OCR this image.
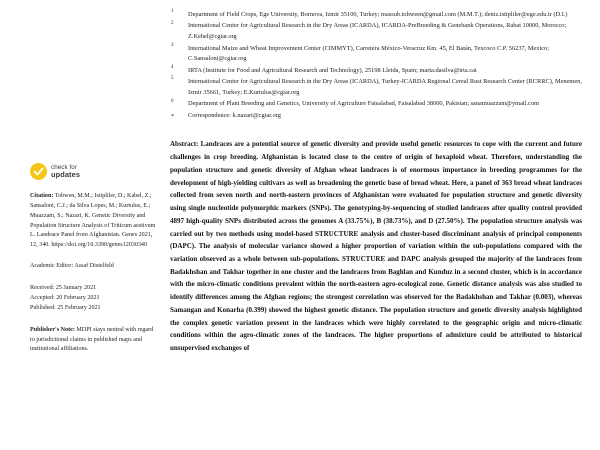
check for
updates
Citation: Tobwen, M.M.; Istipliler, D.; Kabel, Z.; Sansaloni, C.J.; da Silva Lopes, M.; Kurtulus, E.; Muazzam, S.; Nazari, K. Genetic Diversity and Population Structure Analysis of Triticum aestivum L. Landrace Panel from Afghanistan. Genes 2021, 12, 340. https://doi.org/10.3390/genes12030340
Academic Editor: Assaf Distelfeld
Received: 25 January 2021
Accepted: 20 February 2021
Published: 25 February 2021
Publisher's Note: MDPI stays neutral with regard to jurisdictional claims in published maps and institutional affiliations.
1 Department of Field Crops, Ege University, Bornova, Izmir 35100, Turkey; massub.tohween@gmail.com (M.M.T.); deniz.istipliler@ege.edu.tr (D.I.)
2 International Center for Agricultural Research in the Dry Areas (ICARDA), ICARDA-PreBreeding & Genebank Operations, Rabat 10000, Morocco; Z.Kehel@cgiar.org
3 International Maize and Wheat Improvement Center (CIMMYT), Carretera México-Veracruz Km. 45, El Batán, Texcoco C.P. 56237, Mexico; C.Sansaloni@cgiar.org
4 IRTA (Institute for Food and Agricultural Research and Technology), 25198 Lleida, Spain; marta.dasilva@irta.cat
5 International Center for Agricultural Research in the Dry Areas (ICARDA), Turkey-ICARDA Regional Cereal Rust Research Center (RCRRC), Menemen, Izmir 35661, Turkey; E.Kurtulus@cgiar.org
6 Department of Plant Breeding and Genetics, University of Agriculture Faisalabad, Faisalabad 38000, Pakistan; sanamuazzam@ymail.com
* Correspondence: k.nazari@cgiar.org
Abstract: Landraces are a potential source of genetic diversity and provide useful genetic resources to cope with the current and future challenges in crop breeding. Afghanistan is located close to the centre of origin of hexaploid wheat. Therefore, understanding the population structure and genetic diversity of Afghan wheat landraces is of enormous importance in breeding programmes for the development of high-yielding cultivars as well as broadening the genetic base of bread wheat. Here, a panel of 363 bread wheat landraces collected from seven north and north-eastern provinces of Afghanistan were evaluated for population structure and genetic diversity using single nucleotide polymorphic markers (SNPs). The genotyping-by-sequencing of studied landraces after quality control provided 4897 high-quality SNPs distributed across the genomes A (33.75%), B (38.73%), and D (27.50%). The population structure analysis was carried out by two methods using model-based STRUCTURE analysis and cluster-based discriminant analysis of principal components (DAPC). The analysis of molecular variance showed a higher proportion of variation within the sub-populations compared with the variation observed as a whole between sub-populations. STRUCTURE and DAPC analysis grouped the majority of the landraces from Badakhshan and Takhar together in one cluster and the landraces from Baghlan and Kunduz in a second cluster, which is in accordance with the micro-climatic conditions prevalent within the north-eastern agro-ecological zone. Genetic distance analysis was also studied to identify differences among the Afghan regions; the strongest correlation was observed for the Badakhshan and Takhar (0.003), whereas Samangan and Konarha (0.399) showed the highest genetic distance. The population structure and genetic diversity analysis highlighted the complex genetic variation present in the landraces which were highly correlated to the geographic origin and micro-climatic conditions within the agro-climatic zones of the landraces. The higher proportions of admixture could be attributed to historical unsupervised exchanges of
